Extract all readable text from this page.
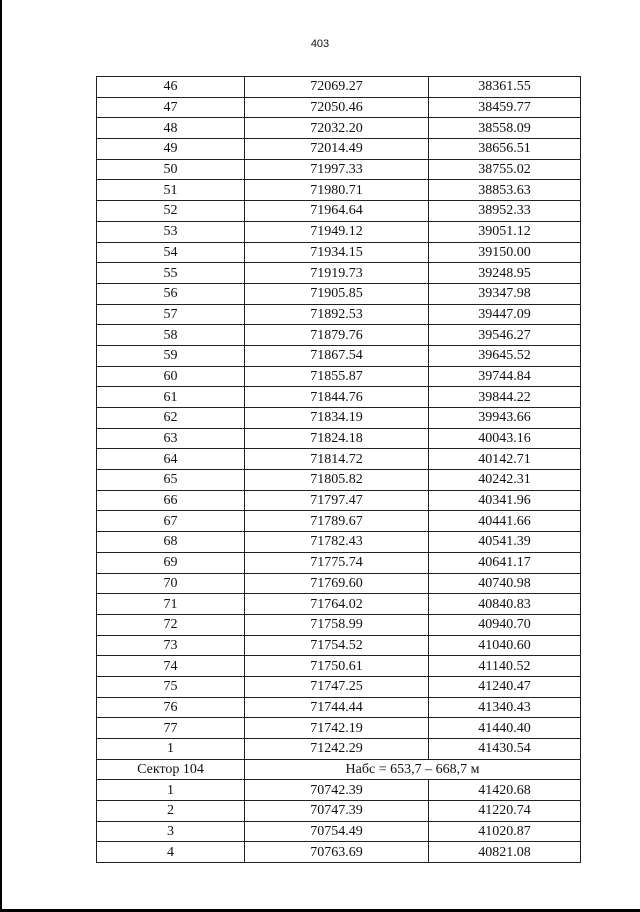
403
46	72069.27	38361.55
47	72050.46	38459.77
48	72032.20	38558.09
49	72014.49	38656.51
50	71997.33	38755.02
51	71980.71	38853.63
52	71964.64	38952.33
53	71949.12	39051.12
54	71934.15	39150.00
55	71919.73	39248.95
56	71905.85	39347.98
57	71892.53	39447.09
58	71879.76	39546.27
59	71867.54	39645.52
60	71855.87	39744.84
61	71844.76	39844.22
62	71834.19	39943.66
63	71824.18	40043.16
64	71814.72	40142.71
65	71805.82	40242.31
66	71797.47	40341.96
67	71789.67	40441.66
68	71782.43	40541.39
69	71775.74	40641.17
70	71769.60	40740.98
71	71764.02	40840.83
72	71758.99	40940.70
73	71754.52	41040.60
74	71750.61	41140.52
75	71747.25	41240.47
76	71744.44	41340.43
77	71742.19	41440.40
1	71242.29	41430.54
Сектор 104	Набс = 653,7 – 668,7 м	
1	70742.39	41420.68
2	70747.39	41220.74
3	70754.49	41020.87
4	70763.69	40821.08
